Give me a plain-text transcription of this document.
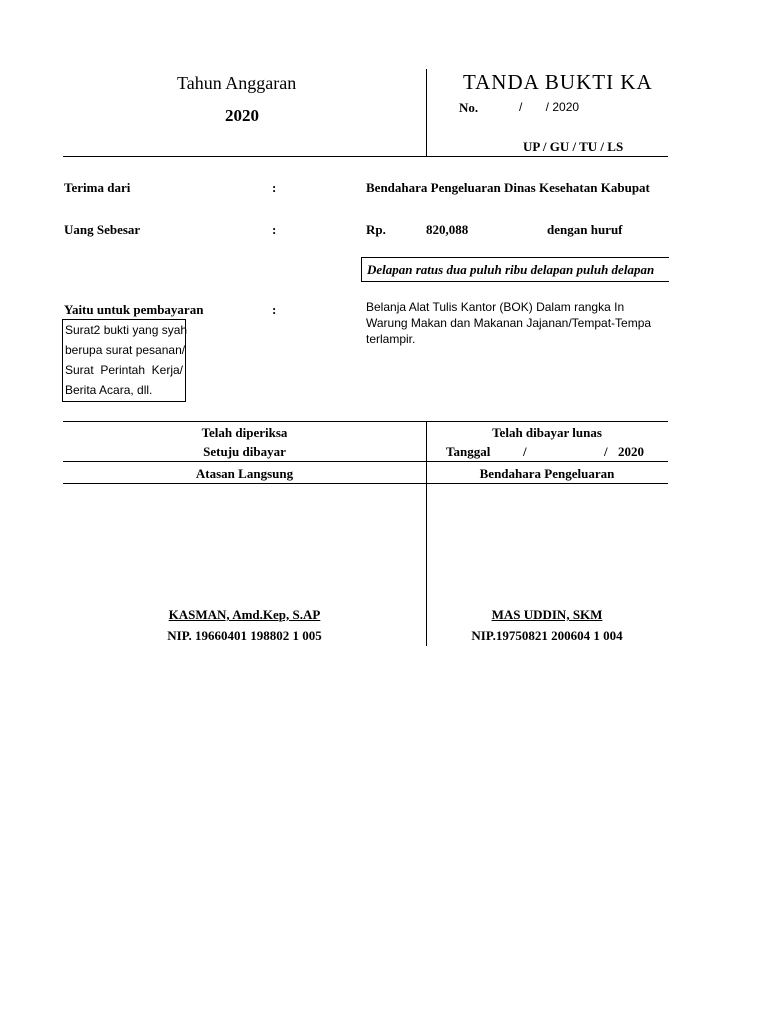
Tahun Anggaran
2020
TANDA BUKTI KA
No.	/       / 2020
UP / GU / TU / LS
Terima dari	:	Bendahara Pengeluaran Dinas Kesehatan Kabupat
Uang Sebesar	:	Rp.	820,088	dengan huruf
Delapan ratus dua puluh ribu delapan puluh delapan
Yaitu untuk pembayaran	:	Belanja Alat Tulis Kantor (BOK) Dalam rangka In
Warung Makan dan Makanan Jajanan/Tempat-Tempa
terlampir.
Surat2 bukti yang syah
berupa surat pesanan/
Surat Perintah Kerja/
Berita Acara, dll.
Telah diperiksa
Setuju dibayar
Atasan Langsung
KASMAN, Amd.Kep, S.AP
NIP. 19660401 198802 1 005
Telah dibayar lunas
Tanggal	/	/ 2020
Bendahara Pengeluaran
MAS UDDIN, SKM
NIP.19750821 200604 1 004
